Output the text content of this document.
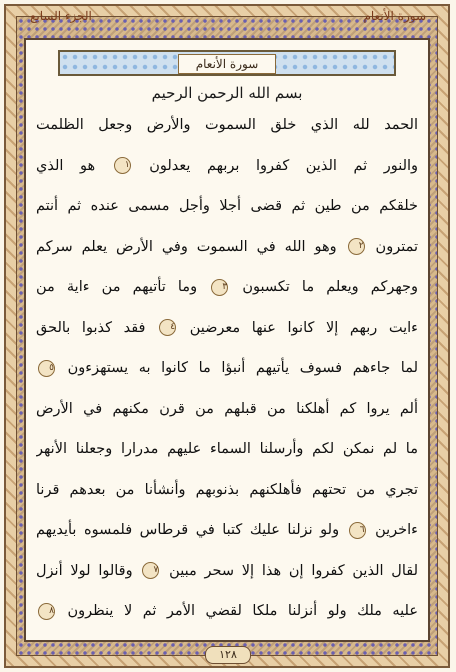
الجزء السابع	سورة الأنعام
سورة الأنعام
بسم الله الرحمن الرحيم
الحمد لله الذي خلق السموت والأرض وجعل الظلمت
والنور ثم الذين كفروا بربهم يعدلون ١ هو الذي
خلقكم من طين ثم قضى أجلا وأجل مسمى عنده ثم أنتم
تمترون ٢ وهو الله في السموت وفي الأرض يعلم سركم
وجهركم ويعلم ما تكسبون ٣ وما تأتيهم من ءاية من
ءايت ربهم إلا كانوا عنها معرضين ٤ فقد كذبوا بالحق
لما جاءهم فسوف يأتيهم أنبؤا ما كانوا به يستهزءون ٥
ألم يروا كم أهلكنا من قبلهم من قرن مكنهم في الأرض
ما لم نمكن لكم وأرسلنا السماء عليهم مدرارا وجعلنا الأنهر
تجري من تحتهم فأهلكنهم بذنوبهم وأنشأنا من بعدهم قرنا
ءاخرين ٦ ولو نزلنا عليك كتبا في قرطاس فلمسوه بأيديهم
لقال الذين كفروا إن هذا إلا سحر مبين ٧ وقالوا لولا أنزل
عليه ملك ولو أنزلنا ملكا لقضي الأمر ثم لا ينظرون ٨
١٢٨
